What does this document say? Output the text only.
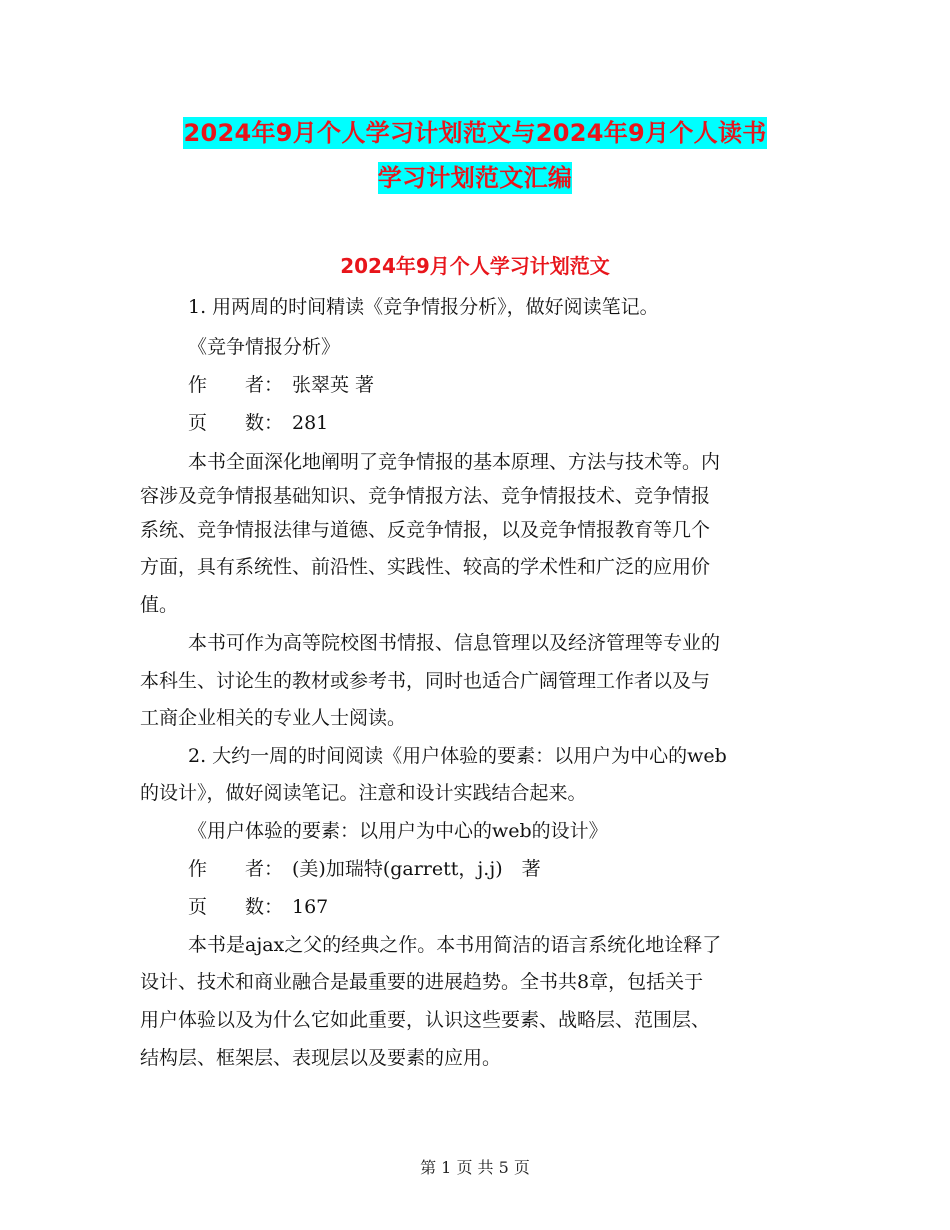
2024年9月个人学习计划范文与2024年9月个人读书
学习计划范文汇编
2024年9月个人学习计划范文
1. 用两周的时间精读《竞争情报分析》，做好阅读笔记。
《竞争情报分析》
作　　者： 张翠英 著
页　　数： 281
本书全面深化地阐明了竞争情报的基本原理、方法与技术等。内
容涉及竞争情报基础知识、竞争情报方法、竞争情报技术、竞争情报
系统、竞争情报法律与道德、反竞争情报，以及竞争情报教育等几个
方面，具有系统性、前沿性、实践性、较高的学术性和广泛的应用价
值。
本书可作为高等院校图书情报、信息管理以及经济管理等专业的
本科生、讨论生的教材或参考书，同时也适合广阔管理工作者以及与
工商企业相关的专业人士阅读。
2. 大约一周的时间阅读《用户体验的要素：以用户为中心的web
的设计》，做好阅读笔记。注意和设计实践结合起来。
《用户体验的要素：以用户为中心的web的设计》
作　　者： (美)加瑞特(garrett，j.j)　著
页　　数： 167
本书是ajax之父的经典之作。本书用简洁的语言系统化地诠释了
设计、技术和商业融合是最重要的进展趋势。全书共8章，包括关于
用户体验以及为什么它如此重要，认识这些要素、战略层、范围层、
结构层、框架层、表现层以及要素的应用。
第 1 页 共 5 页
